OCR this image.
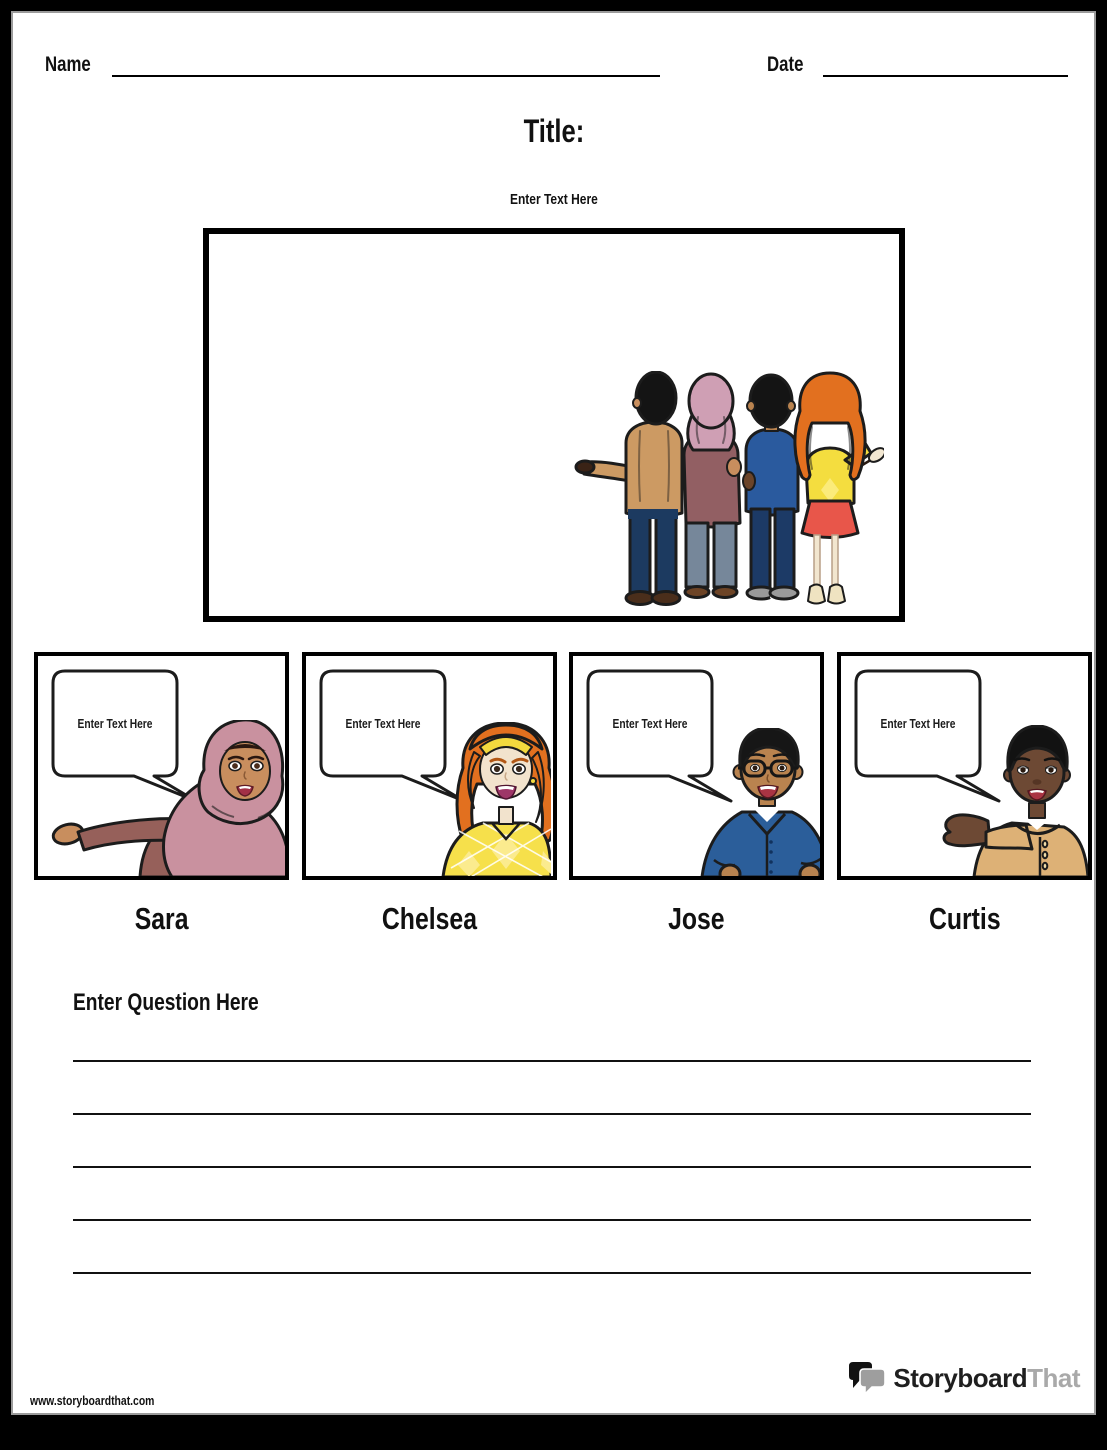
Name	Date
Title:
Enter Text Here
Enter Text Here	Enter Text Here	Enter Text Here	Enter Text Here
Sara	Chelsea	Jose	Curtis
Enter Question Here
www.storyboardthat.com
StoryboardThat
